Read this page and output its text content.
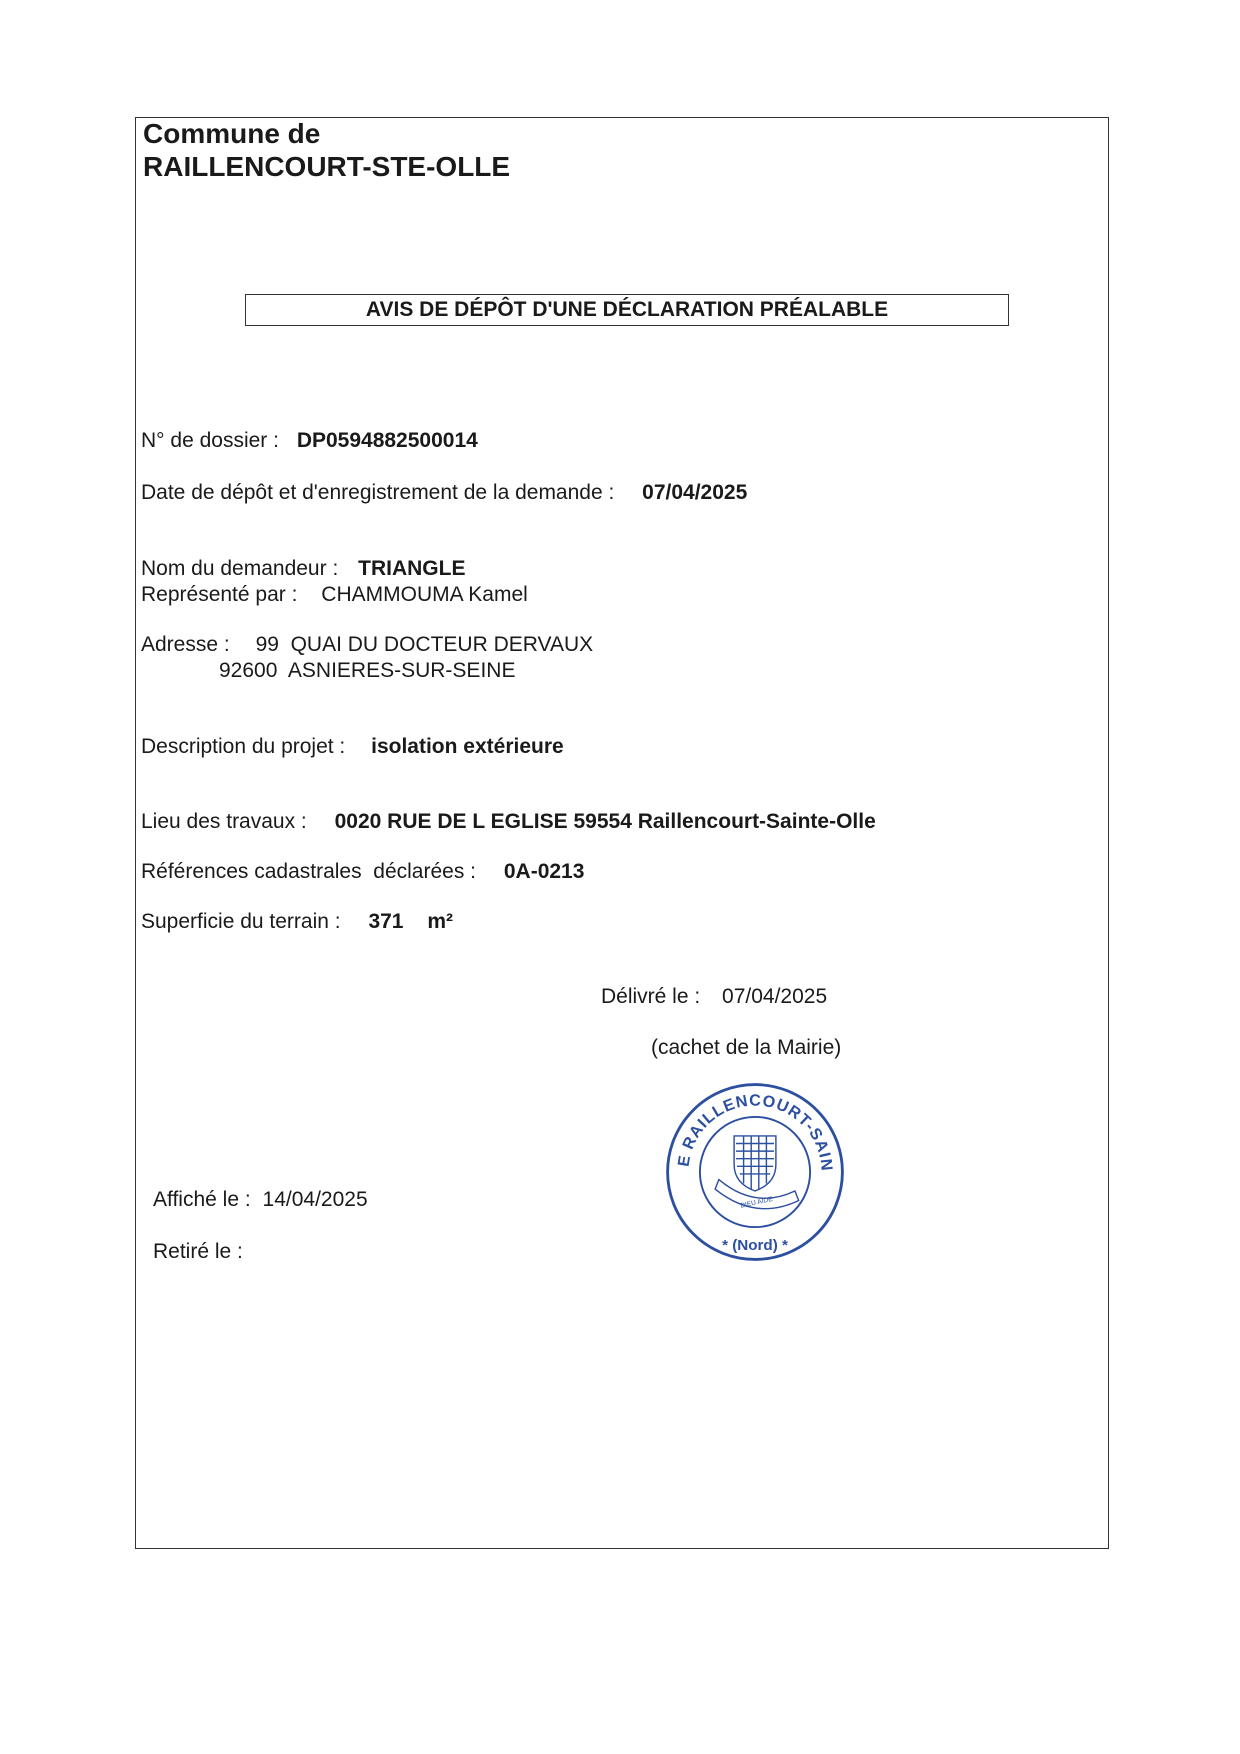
Commune de
RAILLENCOURT-STE-OLLE
AVIS DE DÉPÔT D'UNE DÉCLARATION PRÉALABLE
N° de dossier : DP0594882500014
Date de dépôt et d'enregistrement de la demande : 07/04/2025
Nom du demandeur : TRIANGLE
Représenté par : CHAMMOUMA Kamel
Adresse : 99  QUAI DU DOCTEUR DERVAUX
92600  ASNIERES-SUR-SEINE
Description du projet : isolation extérieure
Lieu des travaux : 0020 RUE DE L EGLISE 59554 Raillencourt-Sainte-Olle
Références cadastrales  déclarées : 0A-0213
Superficie du terrain : 371 m²
Délivré le : 07/04/2025
(cachet de la Mairie)
Affiché le : 14/04/2025
Retiré le :
E RAILLENCOURT-SAIN
* (Nord) *
DIEU AIDE
